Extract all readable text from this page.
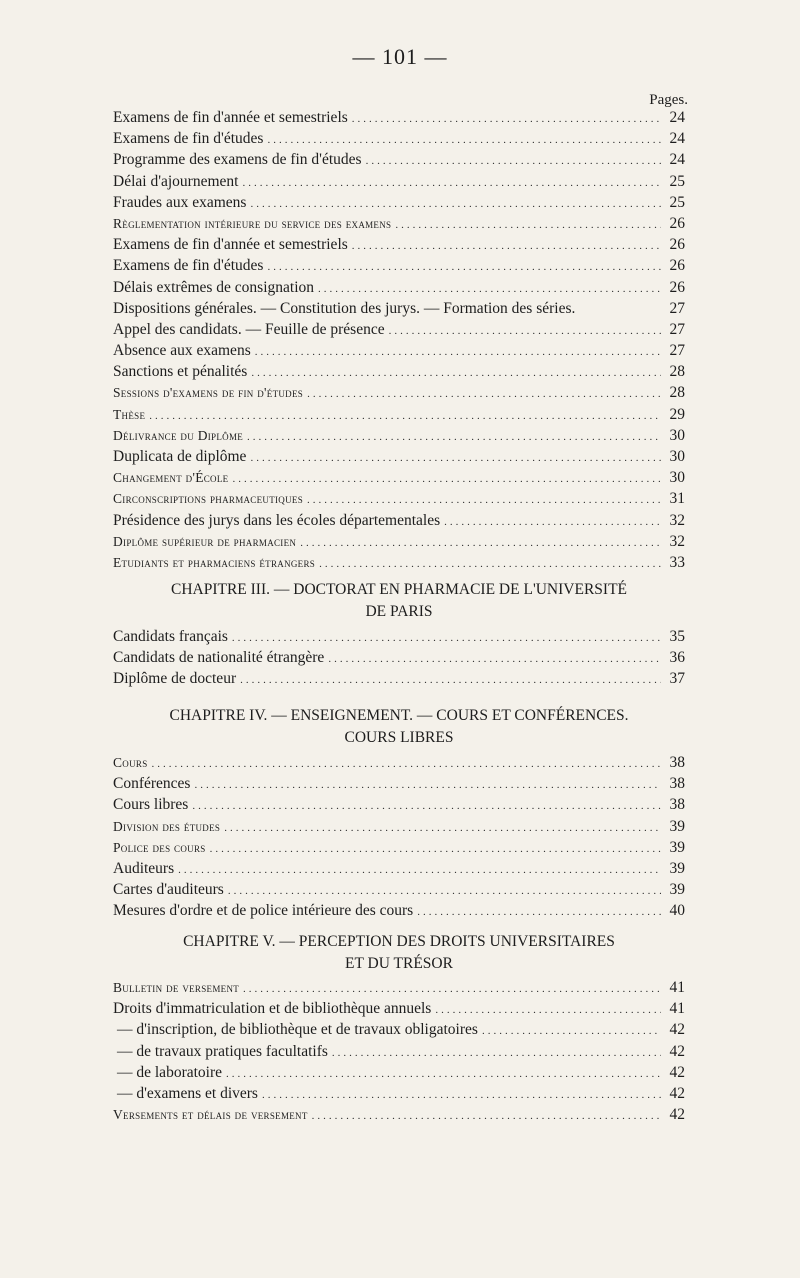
— 101 —
Pages.
Examens de fin d'année et semestriels .....	24
Examens de fin d'études .....	24
Programme des examens de fin d'études .....	24
Délai d'ajournement .....	25
Fraudes aux examens .....	25
Règlementation intérieure du service des examens .....	26
Examens de fin d'année et semestriels .....	26
Examens de fin d'études .....	26
Délais extrêmes de consignation .....	26
Dispositions générales. — Constitution des jurys. — Formation des séries.	27
Appel des candidats. — Feuille de présence .....	27
Absence aux examens .....	27
Sanctions et pénalités .....	28
Sessions d'examens de fin d'études .....	28
Thèse .....	29
Délivrance du Diplôme .....	30
Duplicata de diplôme .....	30
Changement d'École .....	30
Circonscriptions pharmaceutiques .....	31
Présidence des jurys dans les écoles départementales .....	32
Diplôme supérieur de pharmacien .....	32
Etudiants et pharmaciens étrangers .....	33
CHAPITRE III. — DOCTORAT EN PHARMACIE DE L'UNIVERSITÉ
DE PARIS
Candidats français .....	35
Candidats de nationalité étrangère .....	36
Diplôme de docteur .....	37
CHAPITRE IV. — ENSEIGNEMENT. — COURS ET CONFÉRENCES.
COURS LIBRES
Cours .....	38
Conférences .....	38
Cours libres .....	38
Division des études .....	39
Police des cours .....	39
Auditeurs .....	39
Cartes d'auditeurs .....	39
Mesures d'ordre et de police intérieure des cours .....	40
CHAPITRE V. — PERCEPTION DES DROITS UNIVERSITAIRES
ET DU TRÉSOR
Bulletin de versement .....	41
Droits d'immatriculation et de bibliothèque annuels .....	41
— d'inscription, de bibliothèque et de travaux obligatoires .....	42
— de travaux pratiques facultatifs .....	42
— de laboratoire .....	42
— d'examens et divers .....	42
Versements et délais de versement .....	42
